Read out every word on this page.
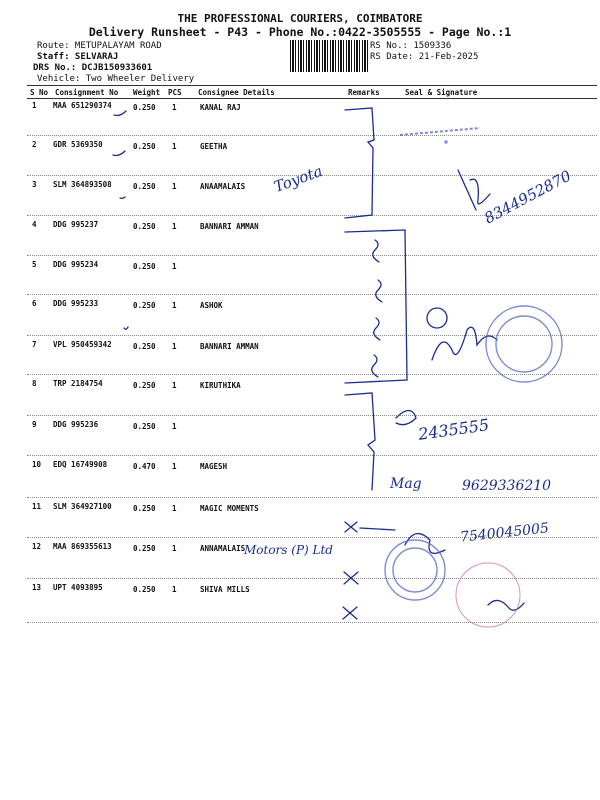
THE PROFESSIONAL COURIERS, COIMBATORE
Delivery Runsheet - P43 - Phone No.:0422-3505555 - Page No.:1
Route: METUPALAYAM ROAD
Staff: SELVARAJ
DRS No.: DCJB150933601
Vehicle: Two Wheeler Delivery
RS No.: 1509336
RS Date: 21-Feb-2025
S No Consignment No Weight PCS Consignee Details	Remarks	Seal & Signature
1 MAA 651290374	0.250 1	KANAL RAJ
2 GDR 5369350	0.250 1	GEETHA
3 SLM 364893508	0.250 1	ANAAMALAIS
4 DDG 995237	0.250 1	BANNARI AMMAN
5 DDG 995234	0.250 1
6 DDG 995233	0.250 1	ASHOK
7 VPL 950459342	0.250 1	BANNARI AMMAN
8 TRP 2184754	0.250 1	KIRUTHIKA
9 DDG 995236	0.250 1
10 EDQ 16749908	0.470 1	MAGESH
11 SLM 364927100	0.250 1	MAGIC MOMENTS
12 MAA 869355613	0.250 1	ANNAMALAIS
13 UPT 4093895	0.250 1	SHIVA MILLS
Toyota	8344952870
2435555
Mag	9629336210
7540045005
Motors (P) Ltd
